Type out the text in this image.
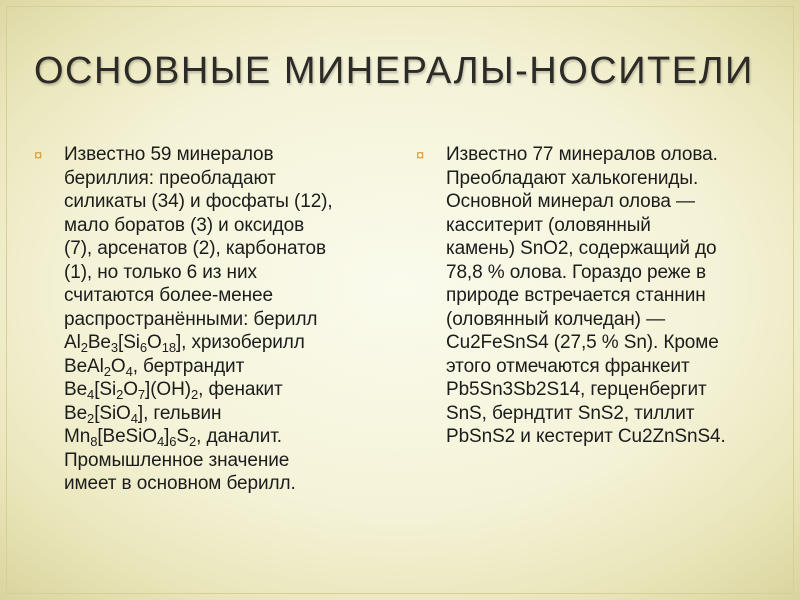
ОСНОВНЫЕ МИНЕРАЛЫ-НОСИТЕЛИ
¤	Известно 59 минералов
бериллия: преобладают
силикаты (34) и фосфаты (12),
мало боратов (3) и оксидов
(7), арсенатов (2), карбонатов
(1), но только 6 из них
считаются более-менее
распространёнными: берилл
$Al_2Be_3[Si_6O_{18}]$, хризоберилл
$BeAl_2O_4$, бертрандит
$Be_4[Si_2O_7](OH)_2$, фенакит
$Be_2[SiO_4]$, гельвин
$Mn_8[BeSiO_4]_6S_2$, даналит.
Промышленное значение
имеет в основном берилл.
¤	Известно 77 минералов олова.
Преобладают халькогениды.
Основной минерал олова —
касситерит (оловянный
камень) SnO2, содержащий до
78,8 % олова. Гораздо реже в
природе встречается станнин
(оловянный колчедан) —
Cu2FeSnS4 (27,5 % Sn). Кроме
этого отмечаются франкеит
Pb5Sn3Sb2S14, герценбергит
SnS, берндтит SnS2, тиллит
PbSnS2 и кестерит Cu2ZnSnS4.
